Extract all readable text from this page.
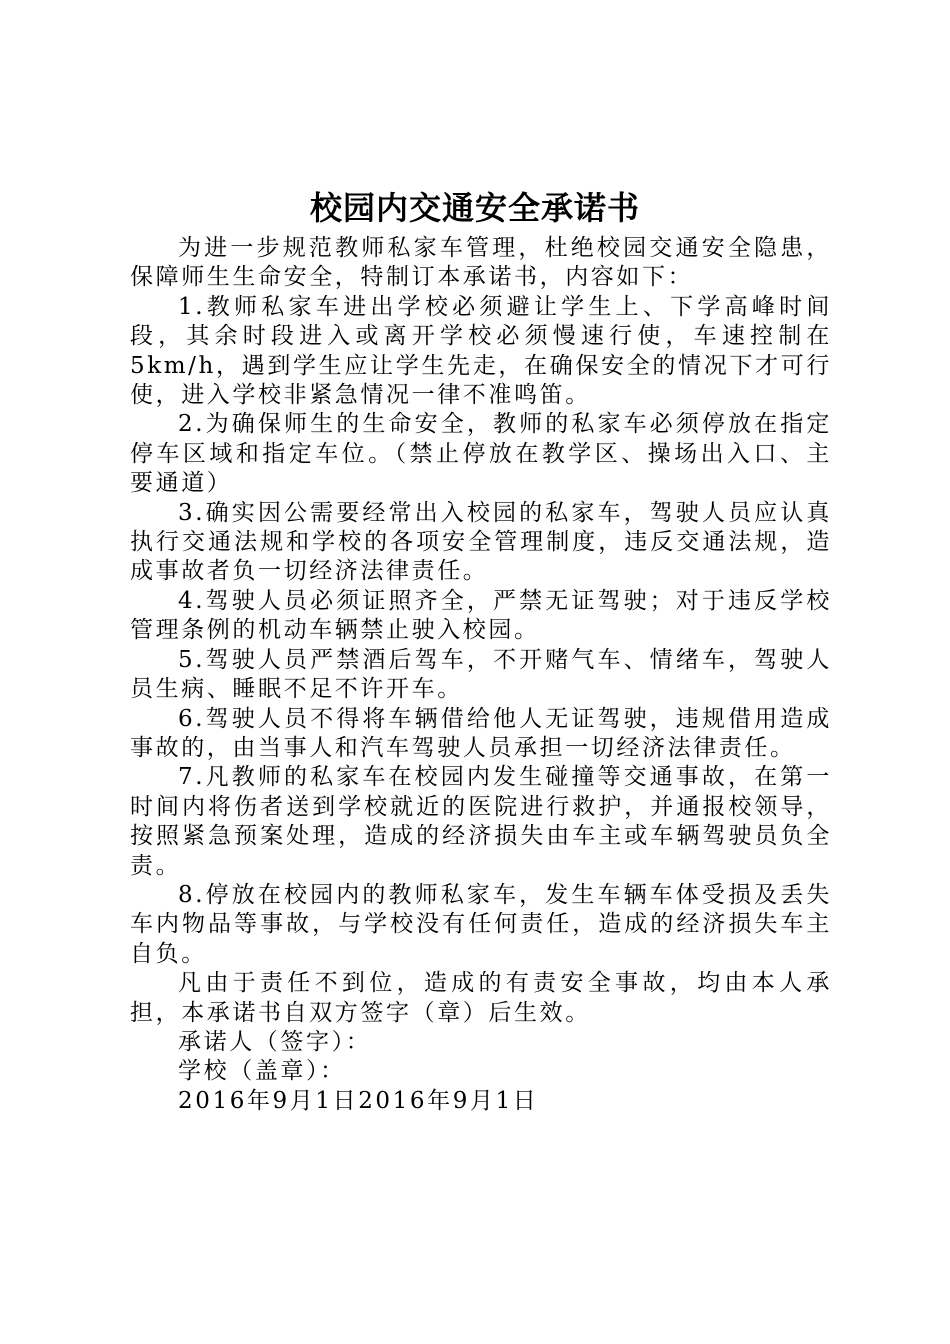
校园内交通安全承诺书

为进一步规范教师私家车管理，杜绝校园交通安全隐患，保障师生生命安全，特制订本承诺书，内容如下：

1.教师私家车进出学校必须避让学生上、下学高峰时间段，其余时段进入或离开学校必须慢速行使，车速控制在5km/h，遇到学生应让学生先走，在确保安全的情况下才可行使，进入学校非紧急情况一律不准鸣笛。

2.为确保师生的生命安全，教师的私家车必须停放在指定停车区域和指定车位。（禁止停放在教学区、操场出入口、主要通道）

3.确实因公需要经常出入校园的私家车，驾驶人员应认真执行交通法规和学校的各项安全管理制度，违反交通法规，造成事故者负一切经济法律责任。

4.驾驶人员必须证照齐全，严禁无证驾驶；对于违反学校管理条例的机动车辆禁止驶入校园。

5.驾驶人员严禁酒后驾车，不开赌气车、情绪车，驾驶人员生病、睡眠不足不许开车。

6.驾驶人员不得将车辆借给他人无证驾驶，违规借用造成事故的，由当事人和汽车驾驶人员承担一切经济法律责任。

7.凡教师的私家车在校园内发生碰撞等交通事故，在第一时间内将伤者送到学校就近的医院进行救护，并通报校领导，按照紧急预案处理，造成的经济损失由车主或车辆驾驶员负全责。

8.停放在校园内的教师私家车，发生车辆车体受损及丢失车内物品等事故，与学校没有任何责任，造成的经济损失车主自负。

凡由于责任不到位，造成的有责安全事故，均由本人承担，本承诺书自双方签字（章）后生效。

承诺人（签字）：

学校（盖章）：

2016年9月1日2016年9月1日
